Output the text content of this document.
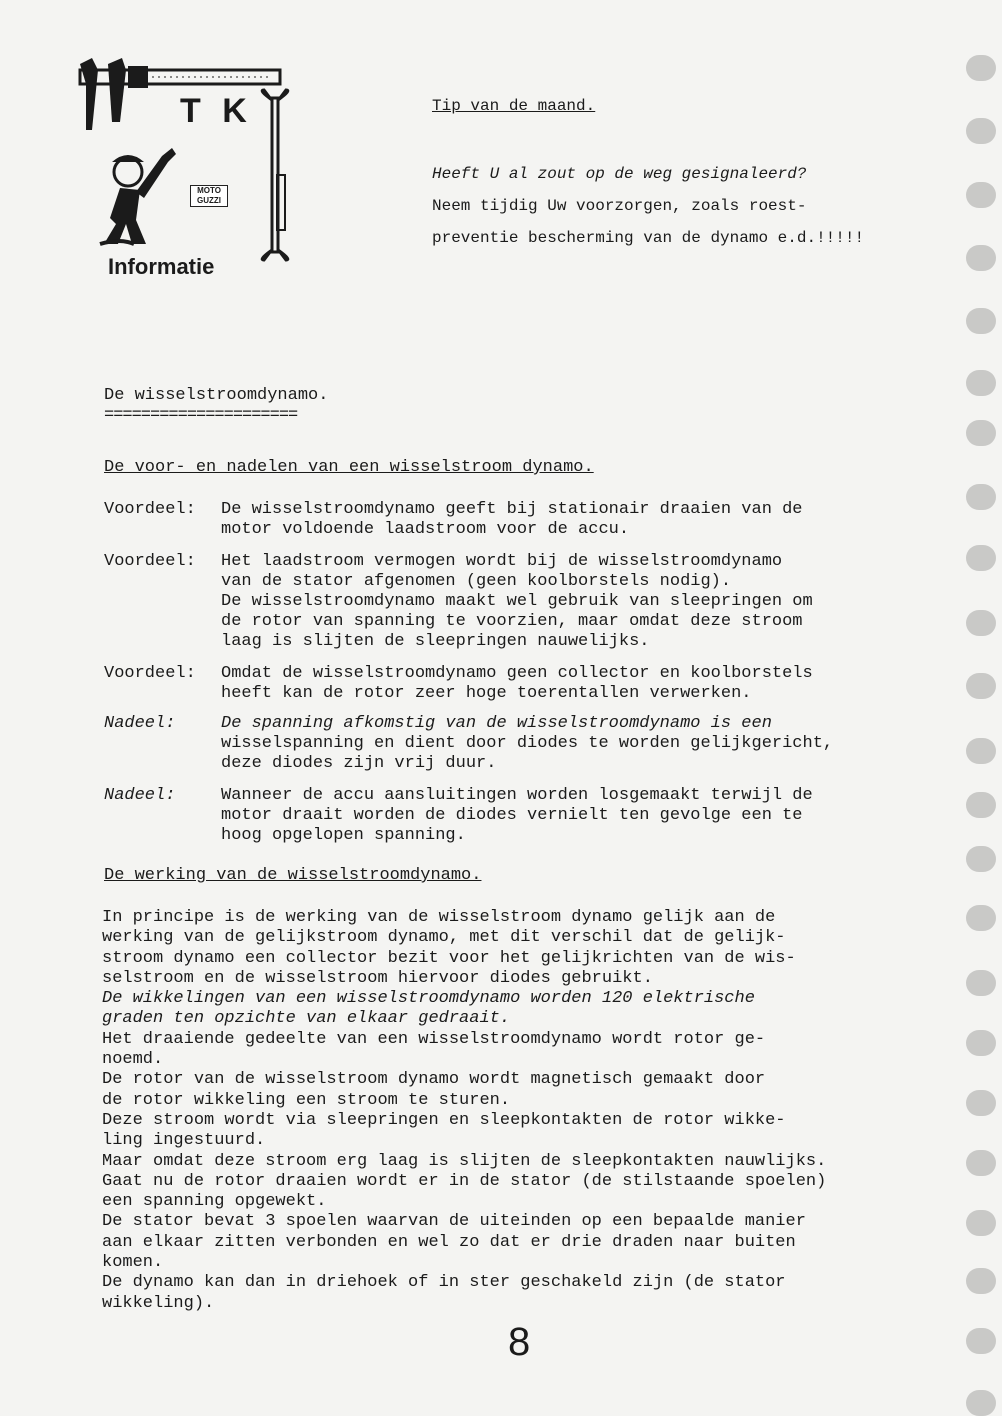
T K
MOTO
GUZZI
Informatie
Tip van de maand.
Heeft U al zout op de weg gesignaleerd?
Neem tijdig Uw voorzorgen, zoals roest-
preventie bescherming van de dynamo e.d.!!!!!
De wisselstroomdynamo.
=====================
De voor- en nadelen van een wisselstroom dynamo.
Voordeel:	De wisselstroomdynamo geeft bij stationair draaien van de
motor voldoende laadstroom voor de accu.
Voordeel:	Het laadstroom vermogen wordt bij de wisselstroomdynamo
van de stator afgenomen (geen koolborstels nodig).
De wisselstroomdynamo maakt wel gebruik van sleepringen om
de rotor van spanning te voorzien, maar omdat deze stroom
laag is slijten de sleepringen nauwelijks.
Voordeel:	Omdat de wisselstroomdynamo geen collector en koolborstels
heeft kan de rotor zeer hoge toerentallen verwerken.
Nadeel:	De spanning afkomstig van de wisselstroomdynamo is een
wisselspanning en dient door diodes te worden gelijkgericht,
deze diodes zijn vrij duur.
Nadeel:	Wanneer de accu aansluitingen worden losgemaakt terwijl de
motor draait worden de diodes vernielt ten gevolge een te
hoog opgelopen spanning.
De werking van de wisselstroomdynamo.
In principe is de werking van de wisselstroom dynamo gelijk aan de
werking van de gelijkstroom dynamo, met dit verschil dat de gelijk-
stroom dynamo een collector bezit voor het gelijkrichten van de wis-
selstroom en de wisselstroom hiervoor diodes gebruikt.
De wikkelingen van een wisselstroomdynamo worden 120 elektrische
graden ten opzichte van elkaar gedraait.
Het draaiende gedeelte van een wisselstroomdynamo wordt rotor ge-
noemd.
De rotor van de wisselstroom dynamo wordt magnetisch gemaakt door
de rotor wikkeling een stroom te sturen.
Deze stroom wordt via sleepringen en sleepkontakten de rotor wikke-
ling ingestuurd.
Maar omdat deze stroom erg laag is slijten de sleepkontakten nauwlijks.
Gaat nu de rotor draaien wordt er in de stator (de stilstaande spoelen)
een spanning opgewekt.
De stator bevat 3 spoelen waarvan de uiteinden op een bepaalde manier
aan elkaar zitten verbonden en wel zo dat er drie draden naar buiten
komen.
De dynamo kan dan in driehoek of in ster geschakeld zijn (de stator
wikkeling).
8
